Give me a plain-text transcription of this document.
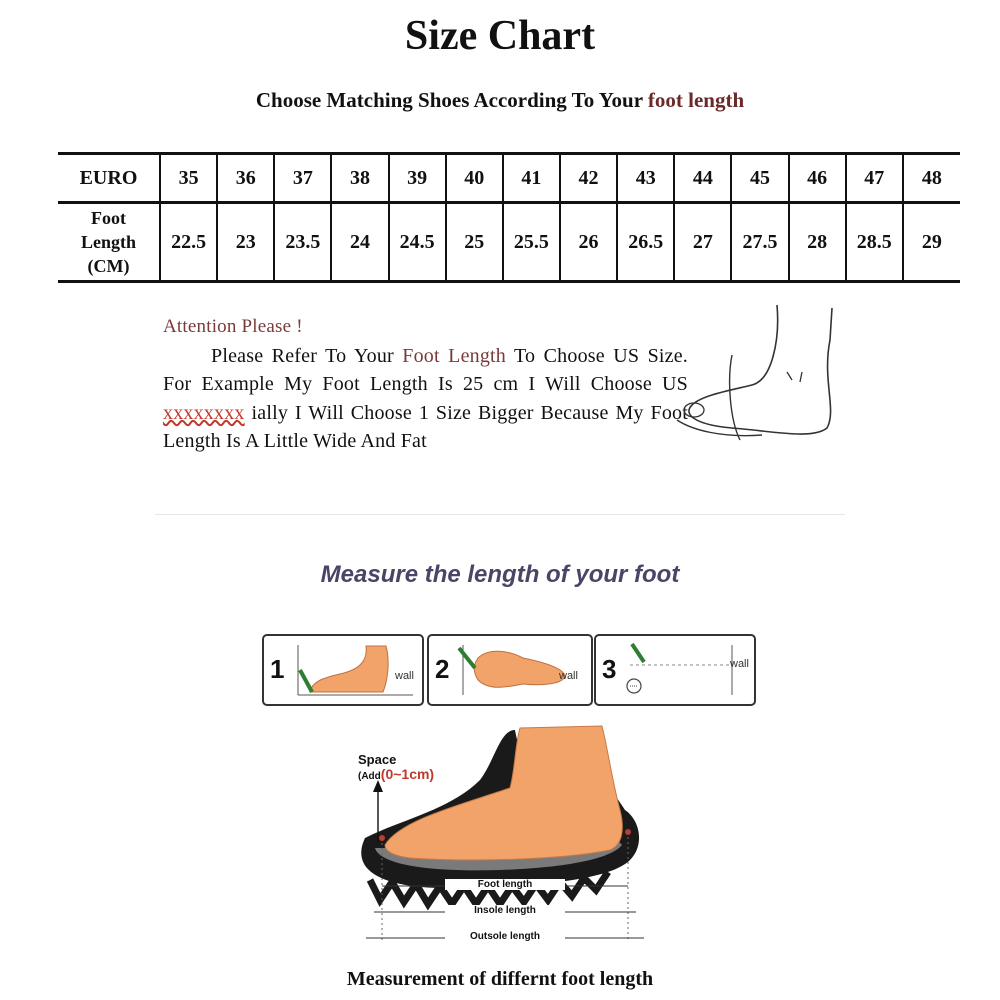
Size Chart
Choose Matching Shoes According To Your foot length
EURO	35	36	37	38	39	40	41	42	43	44	45	46	47	48

Foot
Length
(CM)	22.5	23	23.5	24	24.5	25	25.5	26	26.5	27	27.5	28	28.5	29
Attention Please !
Please Refer To Your Foot Length To Choose US Size. For Example My Foot Length Is 25 cm I Will Choose US xxxxxxxx ially I Will Choose 1 Size Bigger Because My Foot Length Is A Little Wide And Fat
Measure the length of your foot
1	wall 2	wall 3	wall
Space
(Add(0~1cm)
Foot length
Insole length
Outsole length
Measurement of differnt foot length
